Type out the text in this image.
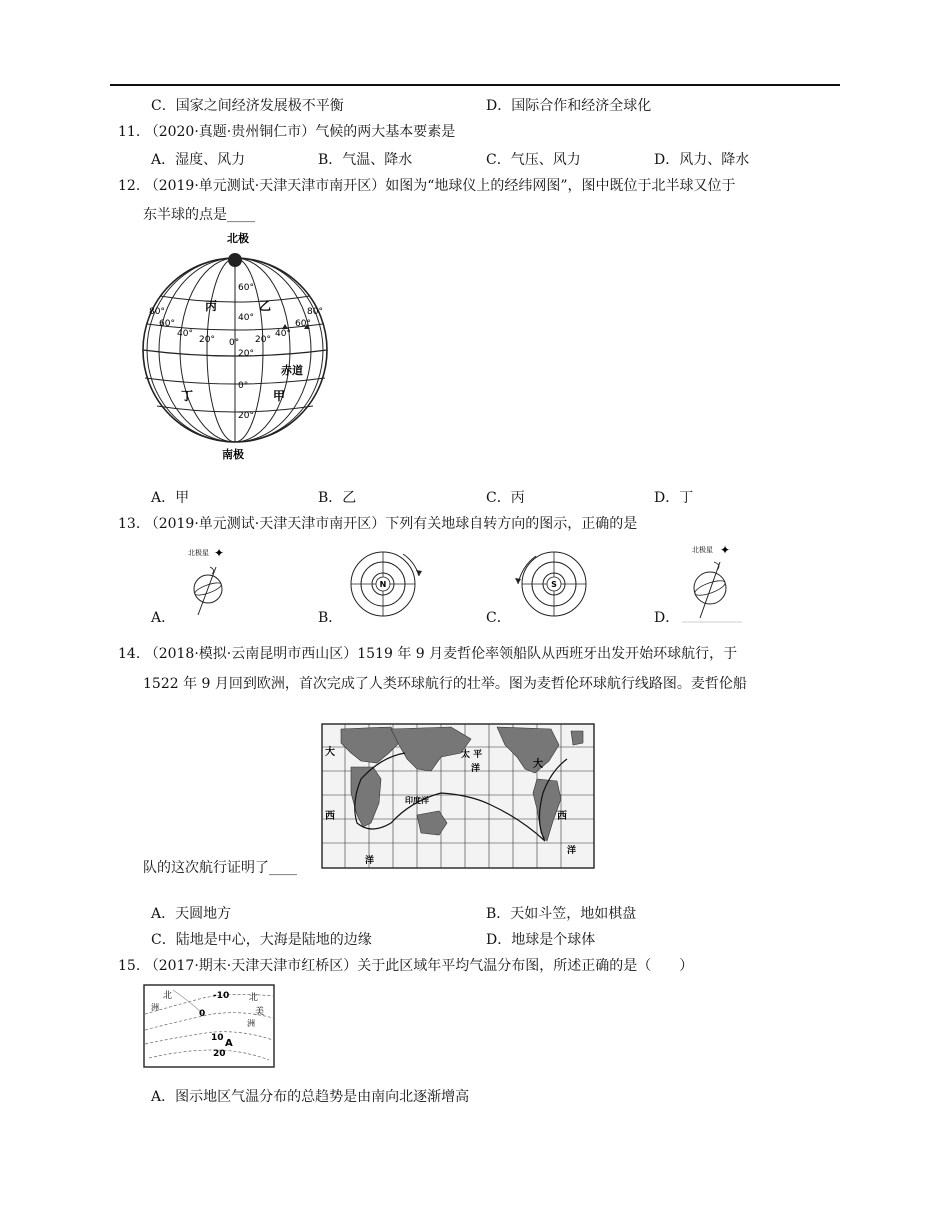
C．国家之间经济发展极不平衡	D．国际合作和经济全球化
11. （2020·真题·贵州铜仁市）气候的两大基本要素是
A．湿度、风力	B．气温、降水	C．气压、风力	D．风力、降水
12. （2019·单元测试·天津天津市南开区）如图为“地球仪上的经纬网图”，图中既位于北半球又位于
东半球的点是____
北极
丙	乙
丁	甲
赤道
80°
60°
40°
20° 0° 20°
40°
60°
80°
60°
40°
20°
0°
20°
南极
A．甲	B．乙	C．丙	D．丁
13. （2019·单元测试·天津天津市南开区）下列有关地球自转方向的图示，正确的是
A．
北极星 ✦
B．
N
C．
S
D．
北极星 ✦
14. （2018·模拟·云南昆明市西山区）1519 年 9 月麦哲伦率领船队从西班牙出发开始环球航行，于
1522 年 9 月回到欧洲，首次完成了人类环球航行的壮举。图为麦哲伦环球航行线路图。麦哲伦船
大	太 平
洋	大
西
印度洋
西
洋
洋
队的这次航行证明了____
A．天圆地方	B．天如斗笠，地如棋盘
C．陆地是中心，大海是陆地的边缘	D．地球是个球体
15. （2017·期末·天津天津市红桥区）关于此区域年平均气温分布图，所述正确的是（　　）
北
洲
-10 北
美
洲
0
10 A
20
A．图示地区气温分布的总趋势是由南向北逐渐增高
